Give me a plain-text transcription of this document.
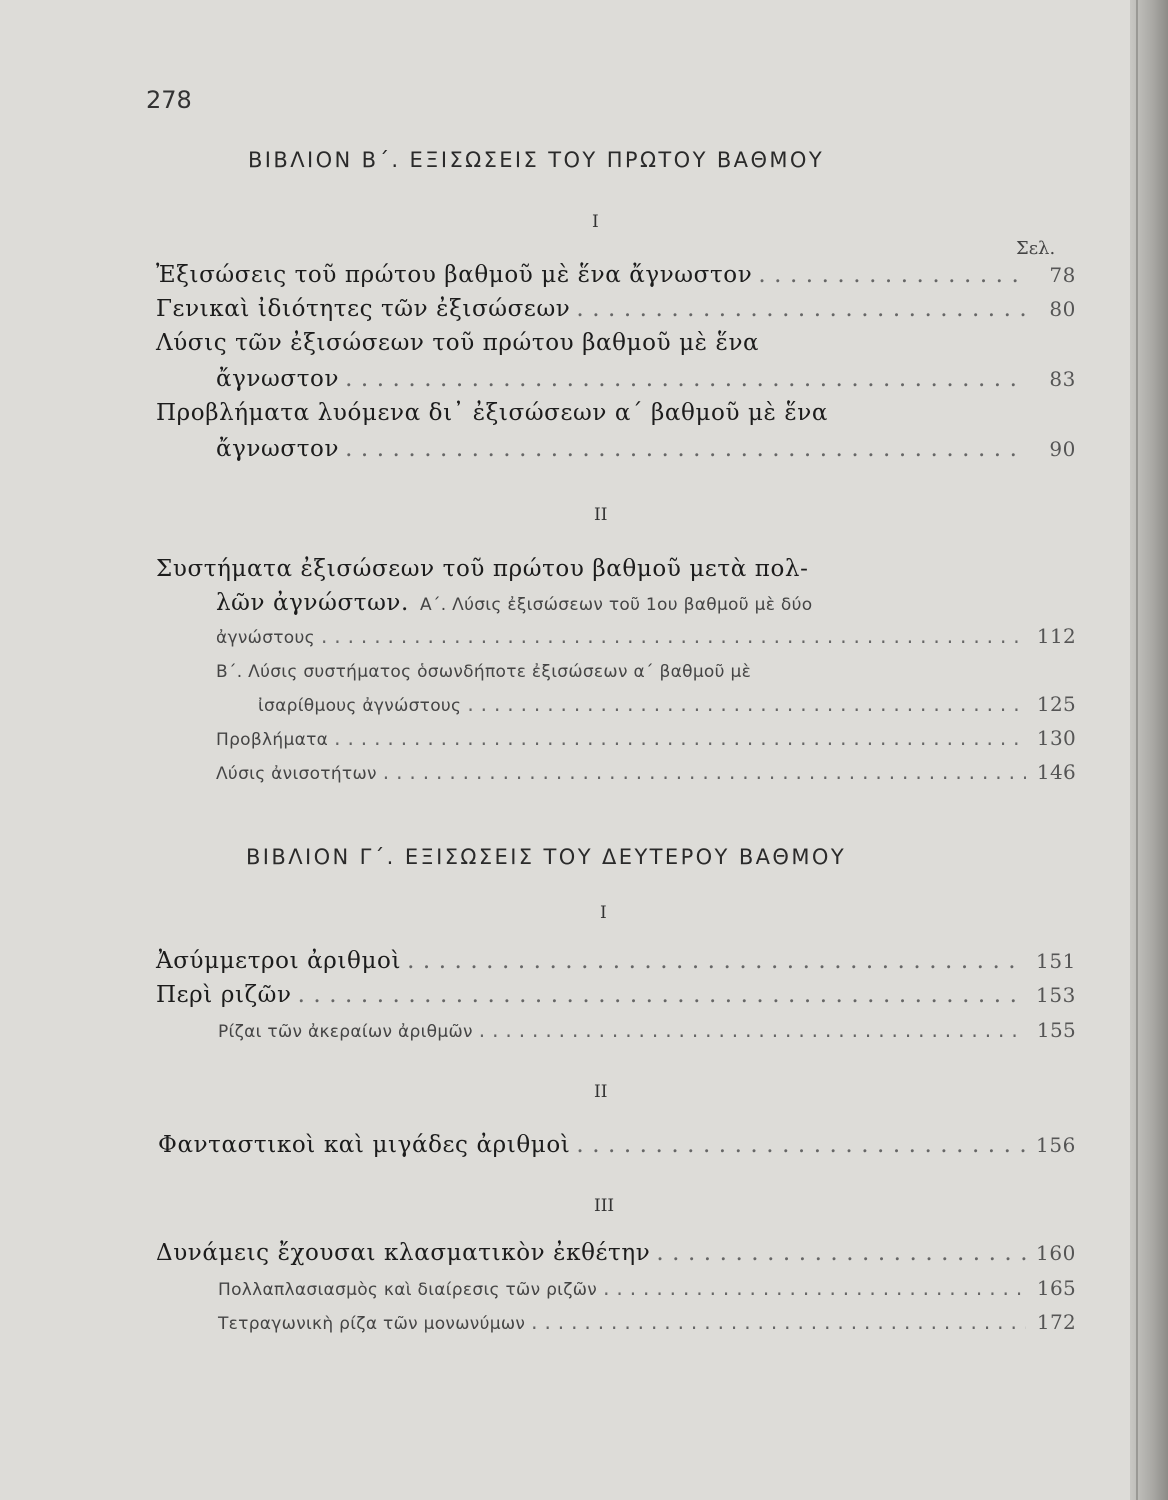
278

ΒΙΒΛΙΟΝ Β΄. ΕΞΙΣΩΣΕΙΣ ΤΟΥ ΠΡΩΤΟΥ ΒΑΘΜΟΥ

Ι

Σελ.

Ἐξισώσεις τοῦ πρώτου βαθμοῦ μὲ ἕνα ἄγνωστον . . .	78
Γενικαὶ ἰδιότητες τῶν ἐξισώσεων . . .	80

Λύσις τῶν ἐξισώσεων τοῦ πρώτου βαθμοῦ μὲ ἕνα

ἄγνωστον . . .	83

Προβλήματα λυόμενα δι᾽ ἐξισώσεων α΄ βαθμοῦ μὲ ἕνα

ἄγνωστον . . .	90

ΙΙ

Συστήματα ἐξισώσεων τοῦ πρώτου βαθμοῦ μετὰ πολ-

λῶν ἀγνώστων. Α΄. Λύσις ἐξισώσεων τοῦ 1ου βαθμοῦ μὲ δύο

ἀγνώστους . . .	112

Β΄. Λύσις συστήματος ὁσωνδήποτε ἐξισώσεων α΄ βαθμοῦ μὲ

ἰσαρίθμους ἀγνώστους . . .	125
Προβλήματα . . .	130
Λύσις ἀνισοτήτων . . .	146

ΒΙΒΛΙΟΝ Γ΄. ΕΞΙΣΩΣΕΙΣ ΤΟΥ ΔΕΥΤΕΡΟΥ ΒΑΘΜΟΥ

Ι

Ἀσύμμετροι ἀριθμοὶ . . .	151
Περὶ ριζῶν . . .	153
Ρίζαι τῶν ἀκεραίων ἀριθμῶν . . .	155

ΙΙ

Φανταστικοὶ καὶ μιγάδες ἀριθμοὶ . . .	156

ΙΙΙ

Δυνάμεις ἔχουσαι κλασματικὸν ἐκθέτην . . .	160
Πολλαπλασιασμὸς καὶ διαίρεσις τῶν ριζῶν . . .	165
Τετραγωνικὴ ρίζα τῶν μονωνύμων . . .	172
